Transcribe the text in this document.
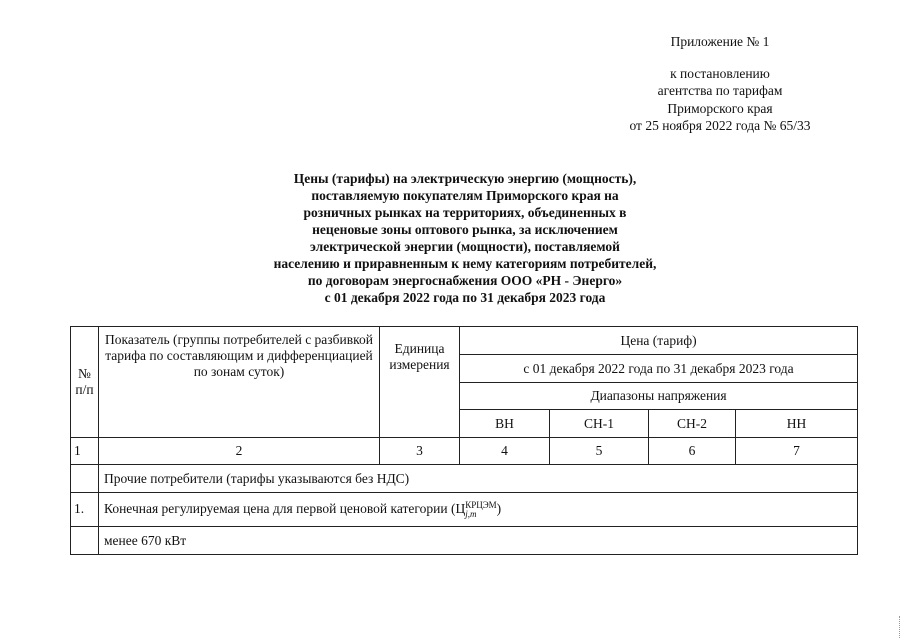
Приложение № 1
к постановлению
агентства по тарифам
Приморского края
от 25 ноября 2022 года № 65/33
Цены (тарифы) на электрическую энергию (мощность),
поставляемую покупателям Приморского края на
розничных рынках на территориях, объединенных в
неценовые зоны оптового рынка, за исключением
электрической энергии (мощности), поставляемой
населению и приравненным к нему категориям потребителей,
по договорам энергоснабжения ООО «РН - Энерго»
с 01 декабря 2022 года по 31 декабря 2023 года
№ п/п	Показатель (группы потребителей с разбивкой тарифа по составляющим и дифференциацией по зонам суток)	Единица измерения	Цена (тариф)			
			с 01 декабря 2022 года по 31 декабря 2023 года			
			Диапазоны напряжения			
			ВН	СН-1	СН-2	НН
1	2	3	4	5	6	7
	Прочие потребители (тарифы указываются без НДС)					
1.	Конечная регулируемая цена для первой ценовой категории (Ц КРЦЭМ
j,m )					
	менее 670 кВт					
